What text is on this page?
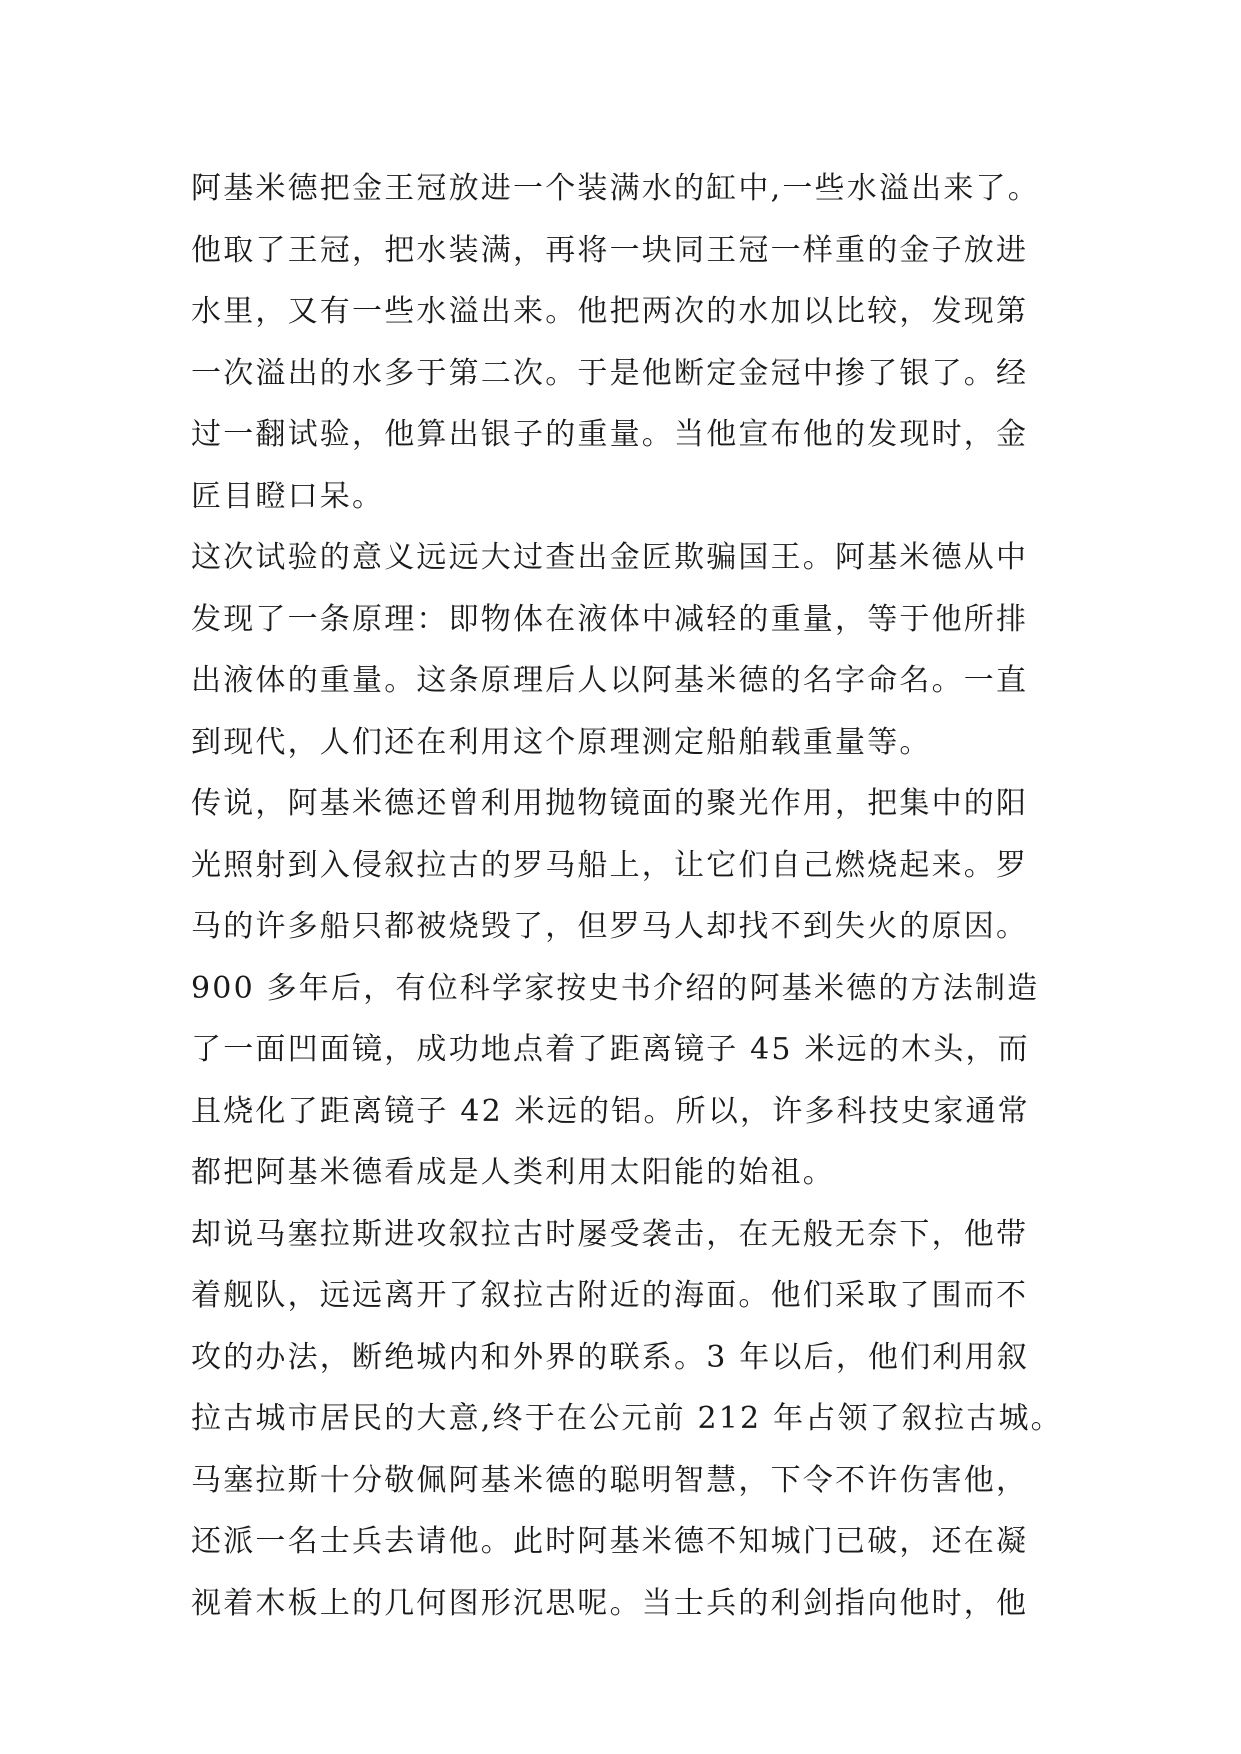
阿基米德把金王冠放进一个装满水的缸中,一些水溢出来了。
他取了王冠，把水装满，再将一块同王冠一样重的金子放进
水里，又有一些水溢出来。他把两次的水加以比较，发现第
一次溢出的水多于第二次。于是他断定金冠中掺了银了。经
过一翻试验，他算出银子的重量。当他宣布他的发现时，金
匠目瞪口呆。
这次试验的意义远远大过查出金匠欺骗国王。阿基米德从中
发现了一条原理：即物体在液体中减轻的重量，等于他所排
出液体的重量。这条原理后人以阿基米德的名字命名。一直
到现代，人们还在利用这个原理测定船舶载重量等。
传说，阿基米德还曾利用抛物镜面的聚光作用，把集中的阳
光照射到入侵叙拉古的罗马船上，让它们自己燃烧起来。罗
马的许多船只都被烧毁了，但罗马人却找不到失火的原因。
900 多年后，有位科学家按史书介绍的阿基米德的方法制造
了一面凹面镜，成功地点着了距离镜子 45 米远的木头，而
且烧化了距离镜子 42 米远的铝。所以，许多科技史家通常
都把阿基米德看成是人类利用太阳能的始祖。
却说马塞拉斯进攻叙拉古时屡受袭击，在无般无奈下，他带
着舰队，远远离开了叙拉古附近的海面。他们采取了围而不
攻的办法，断绝城内和外界的联系。3 年以后，他们利用叙
拉古城市居民的大意,终于在公元前 212 年占领了叙拉古城。
马塞拉斯十分敬佩阿基米德的聪明智慧，下令不许伤害他，
还派一名士兵去请他。此时阿基米德不知城门已破，还在凝
视着木板上的几何图形沉思呢。当士兵的利剑指向他时，他
